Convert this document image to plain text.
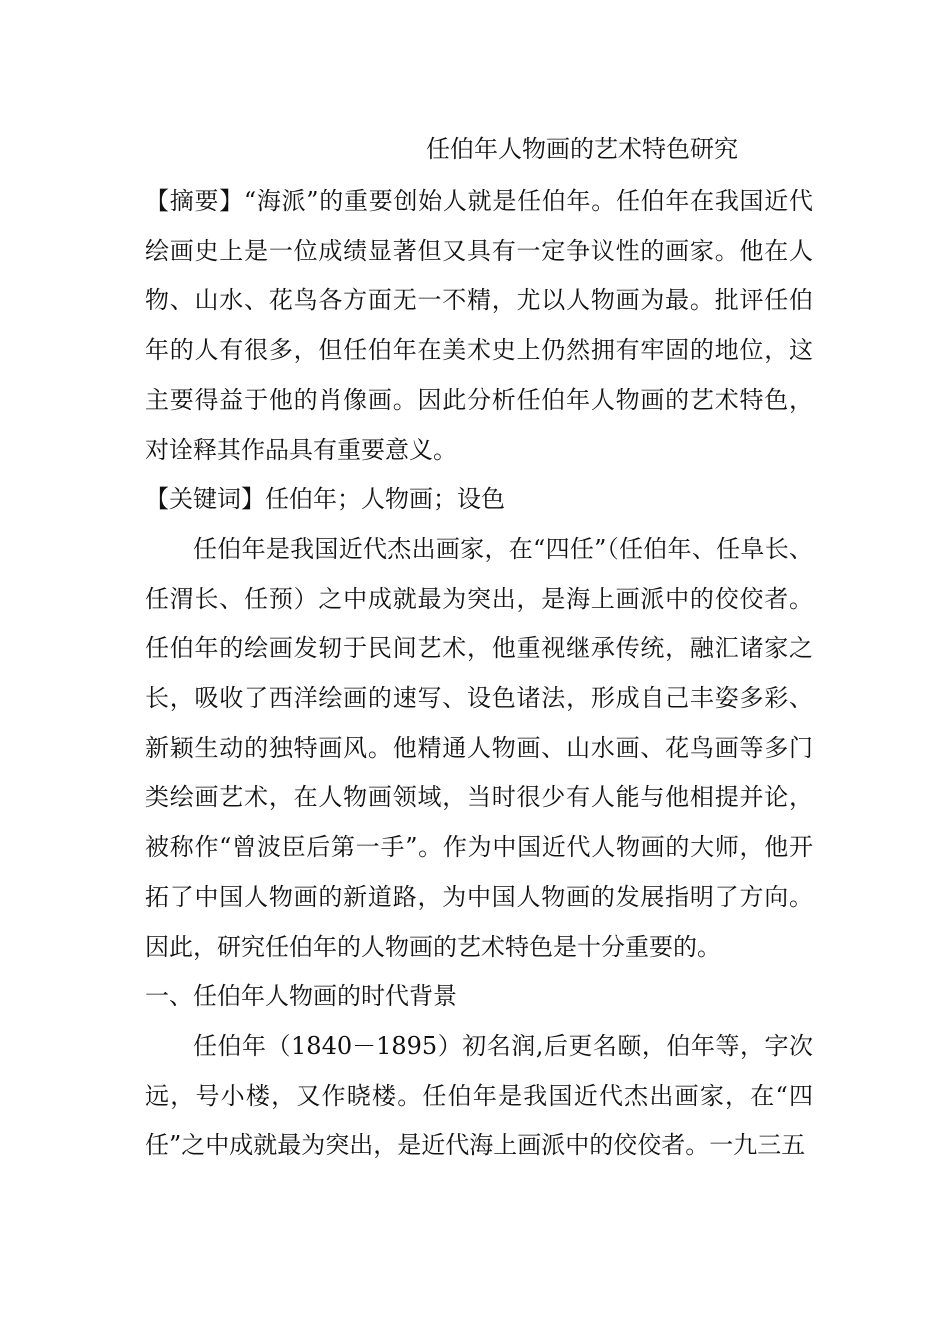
任伯年人物画的艺术特色研究

【摘要】“海派”的重要创始人就是任伯年。任伯年在我国近代绘画史上是一位成绩显著但又具有一定争议性的画家。他在人物、山水、花鸟各方面无一不精，尤以人物画为最。批评任伯年的人有很多，但任伯年在美术史上仍然拥有牢固的地位，这主要得益于他的肖像画。因此分析任伯年人物画的艺术特色，对诠释其作品具有重要意义。

【关键词】任伯年；人物画；设色

任伯年是我国近代杰出画家，在“四任”（任伯年、任阜长、任渭长、任预）之中成就最为突出，是海上画派中的佼佼者。任伯年的绘画发轫于民间艺术，他重视继承传统，融汇诸家之长，吸收了西洋绘画的速写、设色诸法，形成自己丰姿多彩、新颖生动的独特画风。他精通人物画、山水画、花鸟画等多门类绘画艺术，在人物画领域，当时很少有人能与他相提并论，被称作“曾波臣后第一手”。作为中国近代人物画的大师，他开拓了中国人物画的新道路，为中国人物画的发展指明了方向。因此，研究任伯年的人物画的艺术特色是十分重要的。

一、任伯年人物画的时代背景

任伯年（1840－1895）初名润,后更名颐，伯年等，字次远，号小楼，又作晓楼。任伯年是我国近代杰出画家，在“四任”之中成就最为突出，是近代海上画派中的佼佼者。一九三五
